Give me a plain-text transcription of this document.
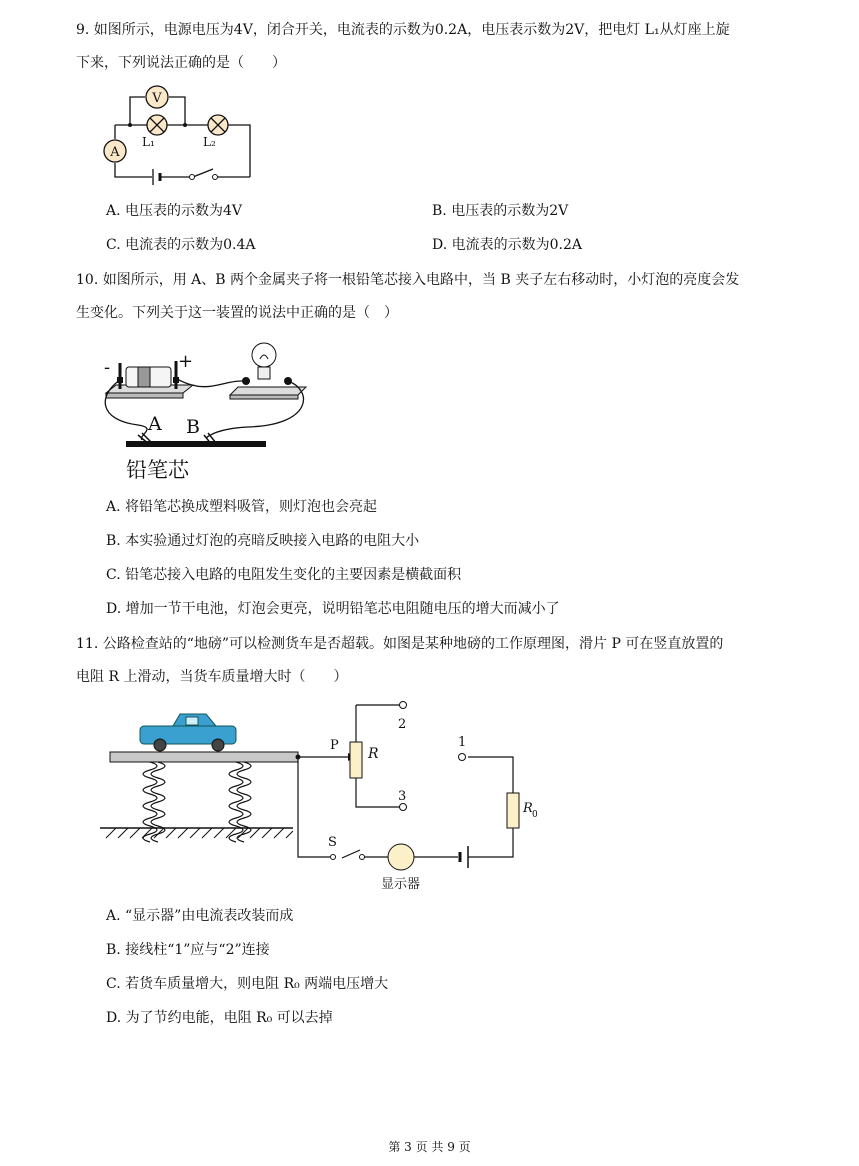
9. 如图所示，电源电压为4V，闭合开关，电流表的示数为0.2A，电压表示数为2V，把电灯 L₁从灯座上旋
下来，下列说法正确的是（　　）
V
L₁	L₂
A
A. 电压表的示数为4V	B. 电压表的示数为2V
C. 电流表的示数为0.4A	D. 电流表的示数为0.2A
10. 如图所示，用 A、B 两个金属夹子将一根铅笔芯接入电路中，当 B 夹子左右移动时，小灯泡的亮度会发
生变化。下列关于这一装置的说法中正确的是（　）
-	+
A B
铅笔芯
A. 将铅笔芯换成塑料吸管，则灯泡也会亮起
B. 本实验通过灯泡的亮暗反映接入电路的电阻大小
C. 铅笔芯接入电路的电阻发生变化的主要因素是横截面积
D. 增加一节干电池，灯泡会更亮，说明铅笔芯电阻随电压的增大而减小了
11. 公路检查站的“地磅”可以检测货车是否超载。如图是某种地磅的工作原理图，滑片 P 可在竖直放置的
电阻 R 上滑动，当货车质量增大时（　　）
P
R
2
3
1
R 0
S
显示器
A. “显示器”由电流表改装而成
B. 接线柱“1”应与“2”连接
C. 若货车质量增大，则电阻 R₀ 两端电压增大
D. 为了节约电能，电阻 R₀ 可以去掉
第 3 页 共 9 页
